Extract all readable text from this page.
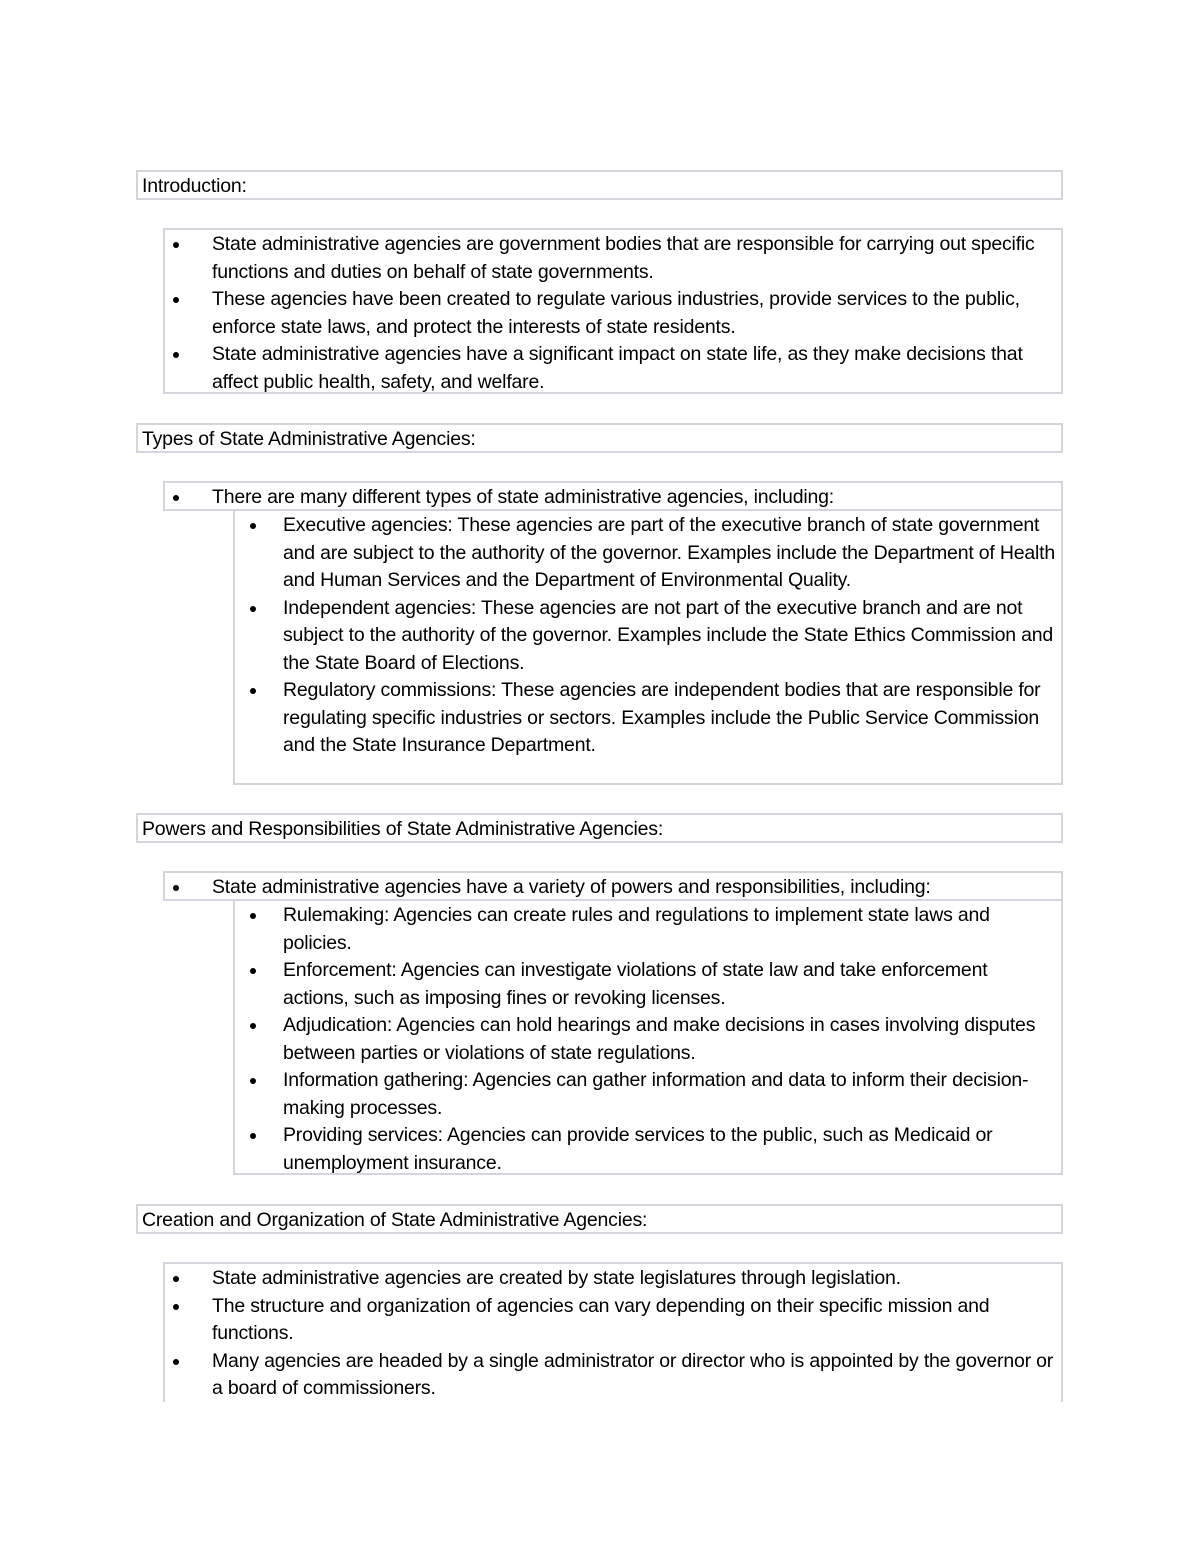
Introduction:
State administrative agencies are government bodies that are responsible for carrying out specific functions and duties on behalf of state governments.
These agencies have been created to regulate various industries, provide services to the public, enforce state laws, and protect the interests of state residents.
State administrative agencies have a significant impact on state life, as they make decisions that affect public health, safety, and welfare.
Types of State Administrative Agencies:
There are many different types of state administrative agencies, including:
Executive agencies: These agencies are part of the executive branch of state government and are subject to the authority of the governor. Examples include the Department of Health and Human Services and the Department of Environmental Quality.
Independent agencies: These agencies are not part of the executive branch and are not subject to the authority of the governor. Examples include the State Ethics Commission and the State Board of Elections.
Regulatory commissions: These agencies are independent bodies that are responsible for regulating specific industries or sectors. Examples include the Public Service Commission and the State Insurance Department.
Powers and Responsibilities of State Administrative Agencies:
State administrative agencies have a variety of powers and responsibilities, including:
Rulemaking: Agencies can create rules and regulations to implement state laws and policies.
Enforcement: Agencies can investigate violations of state law and take enforcement actions, such as imposing fines or revoking licenses.
Adjudication: Agencies can hold hearings and make decisions in cases involving disputes between parties or violations of state regulations.
Information gathering: Agencies can gather information and data to inform their decision-making processes.
Providing services: Agencies can provide services to the public, such as Medicaid or unemployment insurance.
Creation and Organization of State Administrative Agencies:
State administrative agencies are created by state legislatures through legislation.
The structure and organization of agencies can vary depending on their specific mission and functions.
Many agencies are headed by a single administrator or director who is appointed by the governor or a board of commissioners.
